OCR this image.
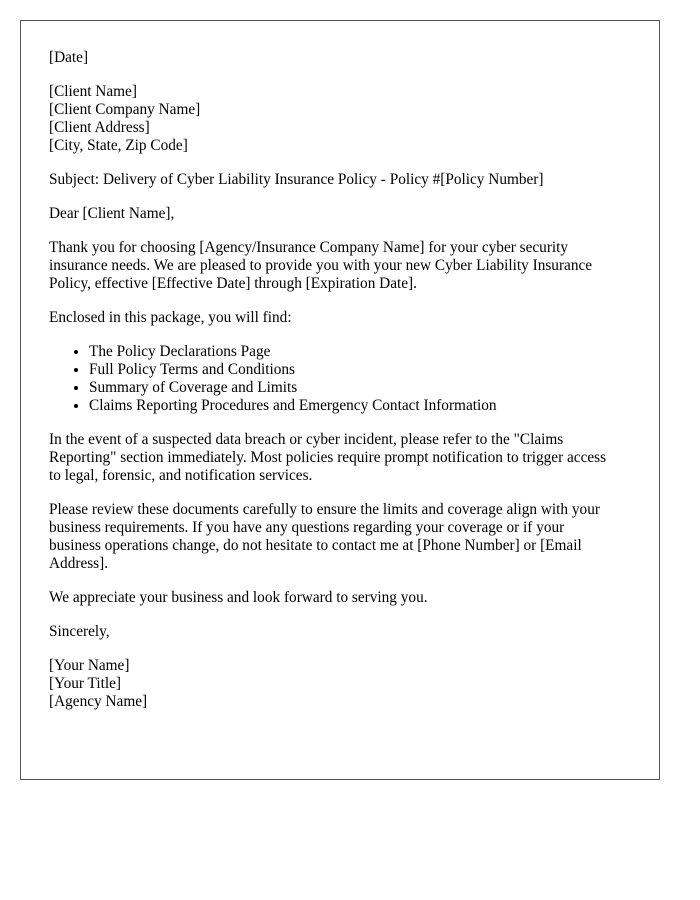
[Date]

[Client Name]
[Client Company Name]
[Client Address]
[City, State, Zip Code]

Subject: Delivery of Cyber Liability Insurance Policy - Policy #[Policy Number]

Dear [Client Name],

Thank you for choosing [Agency/Insurance Company Name] for your cyber security
insurance needs. We are pleased to provide you with your new Cyber Liability Insurance
Policy, effective [Effective Date] through [Expiration Date].

Enclosed in this package, you will find:

• The Policy Declarations Page
• Full Policy Terms and Conditions
• Summary of Coverage and Limits
• Claims Reporting Procedures and Emergency Contact Information

In the event of a suspected data breach or cyber incident, please refer to the "Claims
Reporting" section immediately. Most policies require prompt notification to trigger access
to legal, forensic, and notification services.

Please review these documents carefully to ensure the limits and coverage align with your
business requirements. If you have any questions regarding your coverage or if your
business operations change, do not hesitate to contact me at [Phone Number] or [Email
Address].

We appreciate your business and look forward to serving you.

Sincerely,

[Your Name]
[Your Title]
[Agency Name]
